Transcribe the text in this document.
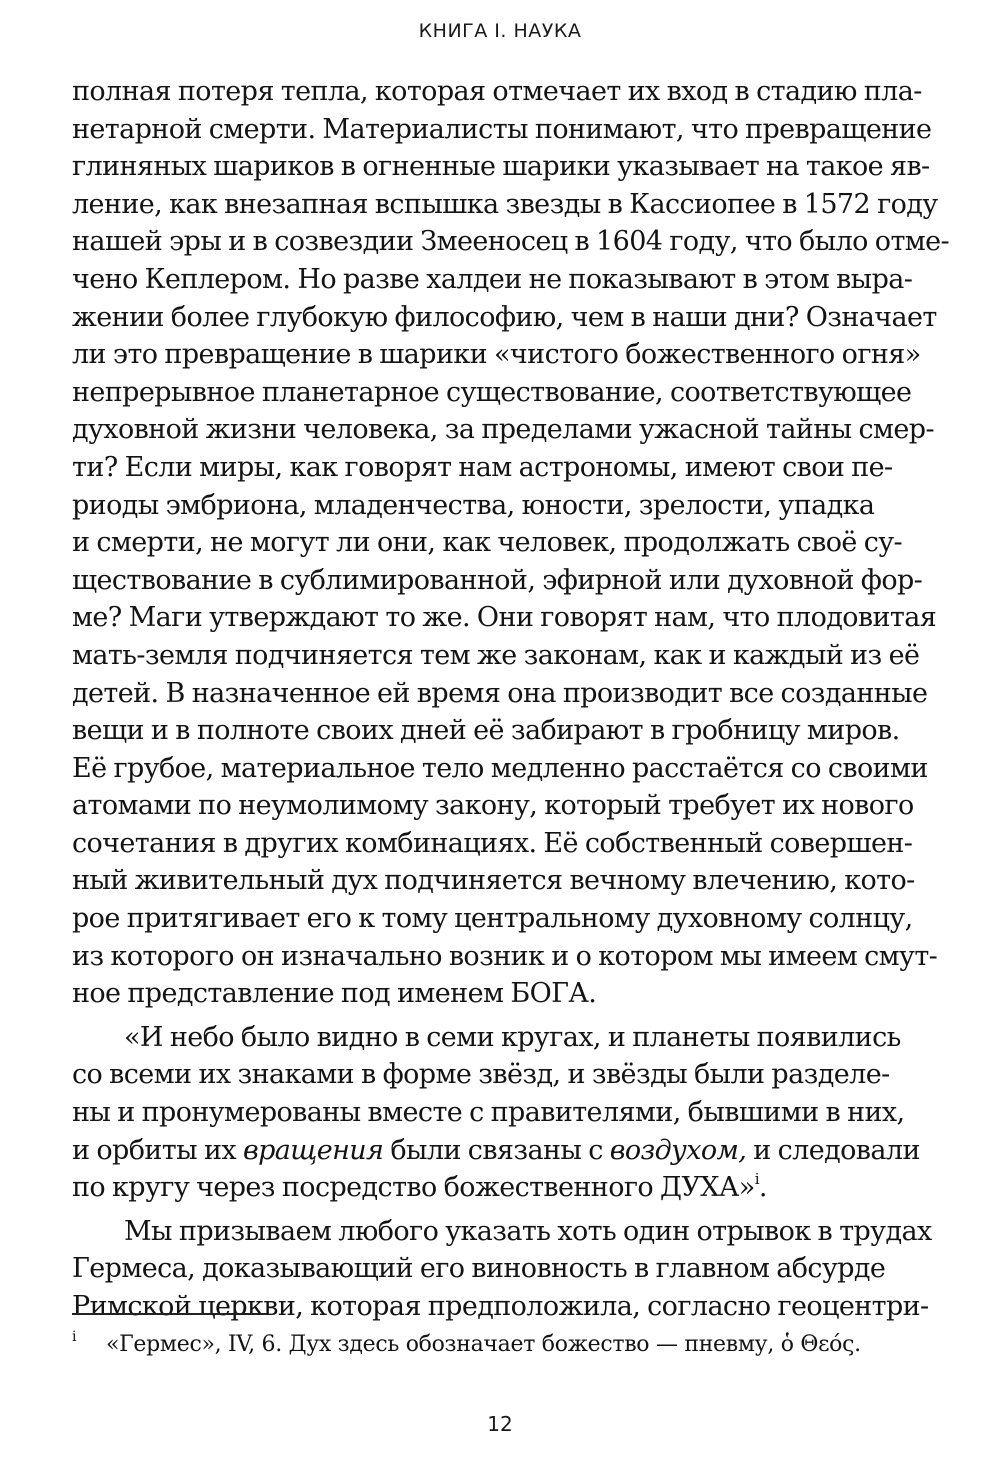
КНИГА I. НАУКА
полная потеря тепла, которая отмечает их вход в стадию пла-
нетарной смерти. Материалисты понимают, что превращение
глиняных шариков в огненные шарики указывает на такое яв-
ление, как внезапная вспышка звезды в Кассиопее в 1572 году
нашей эры и в созвездии Змееносец в 1604 году, что было отме-
чено Кеплером. Но разве халдеи не показывают в этом выра-
жении более глубокую философию, чем в наши дни? Означает
ли это превращение в шарики «чистого божественного огня»
непрерывное планетарное существование, соответствующее
духовной жизни человека, за пределами ужасной тайны смер-
ти? Если миры, как говорят нам астрономы, имеют свои пе-
риоды эмбриона, младенчества, юности, зрелости, упадка
и смерти, не могут ли они, как человек, продолжать своё су-
ществование в сублимированной, эфирной или духовной фор-
ме? Маги утверждают то же. Они говорят нам, что плодовитая
мать-земля подчиняется тем же законам, как и каждый из её
детей. В назначенное ей время она производит все созданные
вещи и в полноте своих дней её забирают в гробницу миров.
Её грубое, материальное тело медленно расстаётся со своими
атомами по неумолимому закону, который требует их нового
сочетания в других комбинациях. Её собственный совершен-
ный живительный дух подчиняется вечному влечению, кото-
рое притягивает его к тому центральному духовному солнцу,
из которого он изначально возник и о котором мы имеем смут-
ное представление под именем БОГА.
«И небо было видно в семи кругах, и планеты появились
со всеми их знаками в форме звёзд, и звёзды были разделе-
ны и пронумерованы вместе с правителями, бывшими в них,
и орбиты их вращения были связаны с воздухом, и следовали
по кругу через посредство божественного ДУХА»$^i$.
Мы призываем любого указать хоть один отрывок в трудах
Гермеса, доказывающий его виновность в главном абсурде
Римской церкви, которая предположила, согласно геоцентри-
i «Гермес», IV, 6. Дух здесь обозначает божество — пневму, ὁ Θεός.
12
